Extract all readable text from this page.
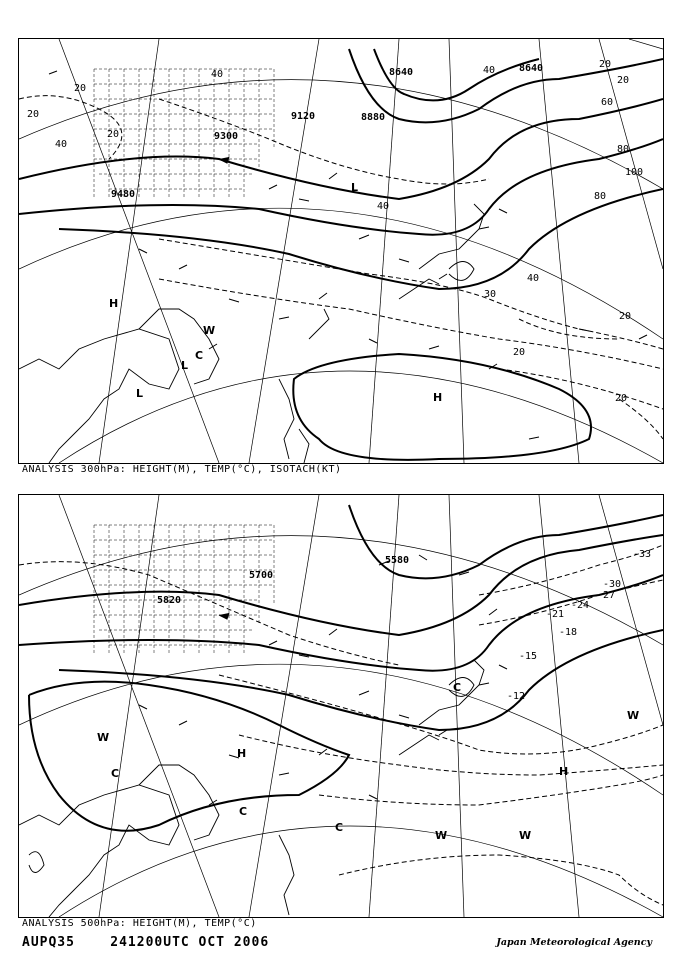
9120
9300
9480
8880
8640	8640
20
20
40
20
40
40
40
30
40
20
20
20
20
20
60
80
100
80
H
L
L
L	H
W
C
ANALYSIS 300hPa: HEIGHT(M), TEMP(°C), ISOTACH(KT)
5820
5700
5580
-12
-15
-18
-21
-24
-27
-30
-33
H
C
C
C
W
W	W
W
C
H
ANALYSIS 500hPa: HEIGHT(M), TEMP(°C)
AUPQ35	241200UTC OCT 2006	Japan Meteorological Agency
